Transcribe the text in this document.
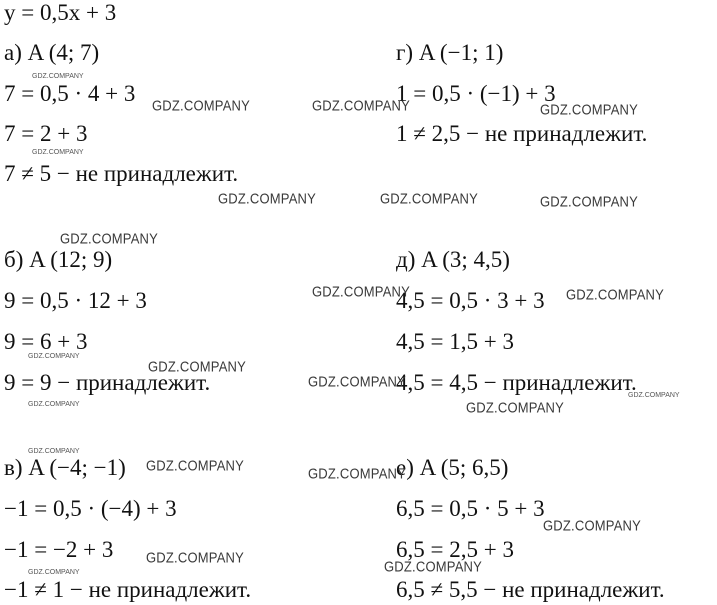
y = 0,5x + 3
а) A (4; 7)
7 = 0,5 · 4 + 3
7 = 2 + 3
7 ≠ 5 − не принадлежит.
г) A (−1; 1)
1 = 0,5 · (−1) + 3
1 ≠ 2,5 − не принадлежит.
б) A (12; 9)
9 = 0,5 · 12 + 3
9 = 6 + 3
9 = 9 − принадлежит.
д) A (3; 4,5)
4,5 = 0,5 · 3 + 3
4,5 = 1,5 + 3
4,5 = 4,5 − принадлежит.
в) A (−4; −1)
−1 = 0,5 · (−4) + 3
−1 = −2 + 3
−1 ≠ 1 − не принадлежит.
е) A (5; 6,5)
6,5 = 0,5 · 5 + 3
6,5 = 2,5 + 3
6,5 ≠ 5,5 − не принадлежит.
GDZ.COMPANY
GDZ.COMPANY	GDZ.COMPANY	GDZ.COMPANY
GDZ.COMPANY
GDZ.COMPANY	GDZ.COMPANY	GDZ.COMPANY
GDZ.COMPANY
GDZ.COMPANY	GDZ.COMPANY
GDZ.COMPANY
GDZ.COMPANY
GDZ.COMPANY
GDZ.COMPANY
GDZ.COMPANY	GDZ.COMPANY
GDZ.COMPANY
GDZ.COMPANY	GDZ.COMPANY
GDZ.COMPANY
GDZ.COMPANY
GDZ.COMPANY
GDZ.COMPANY
